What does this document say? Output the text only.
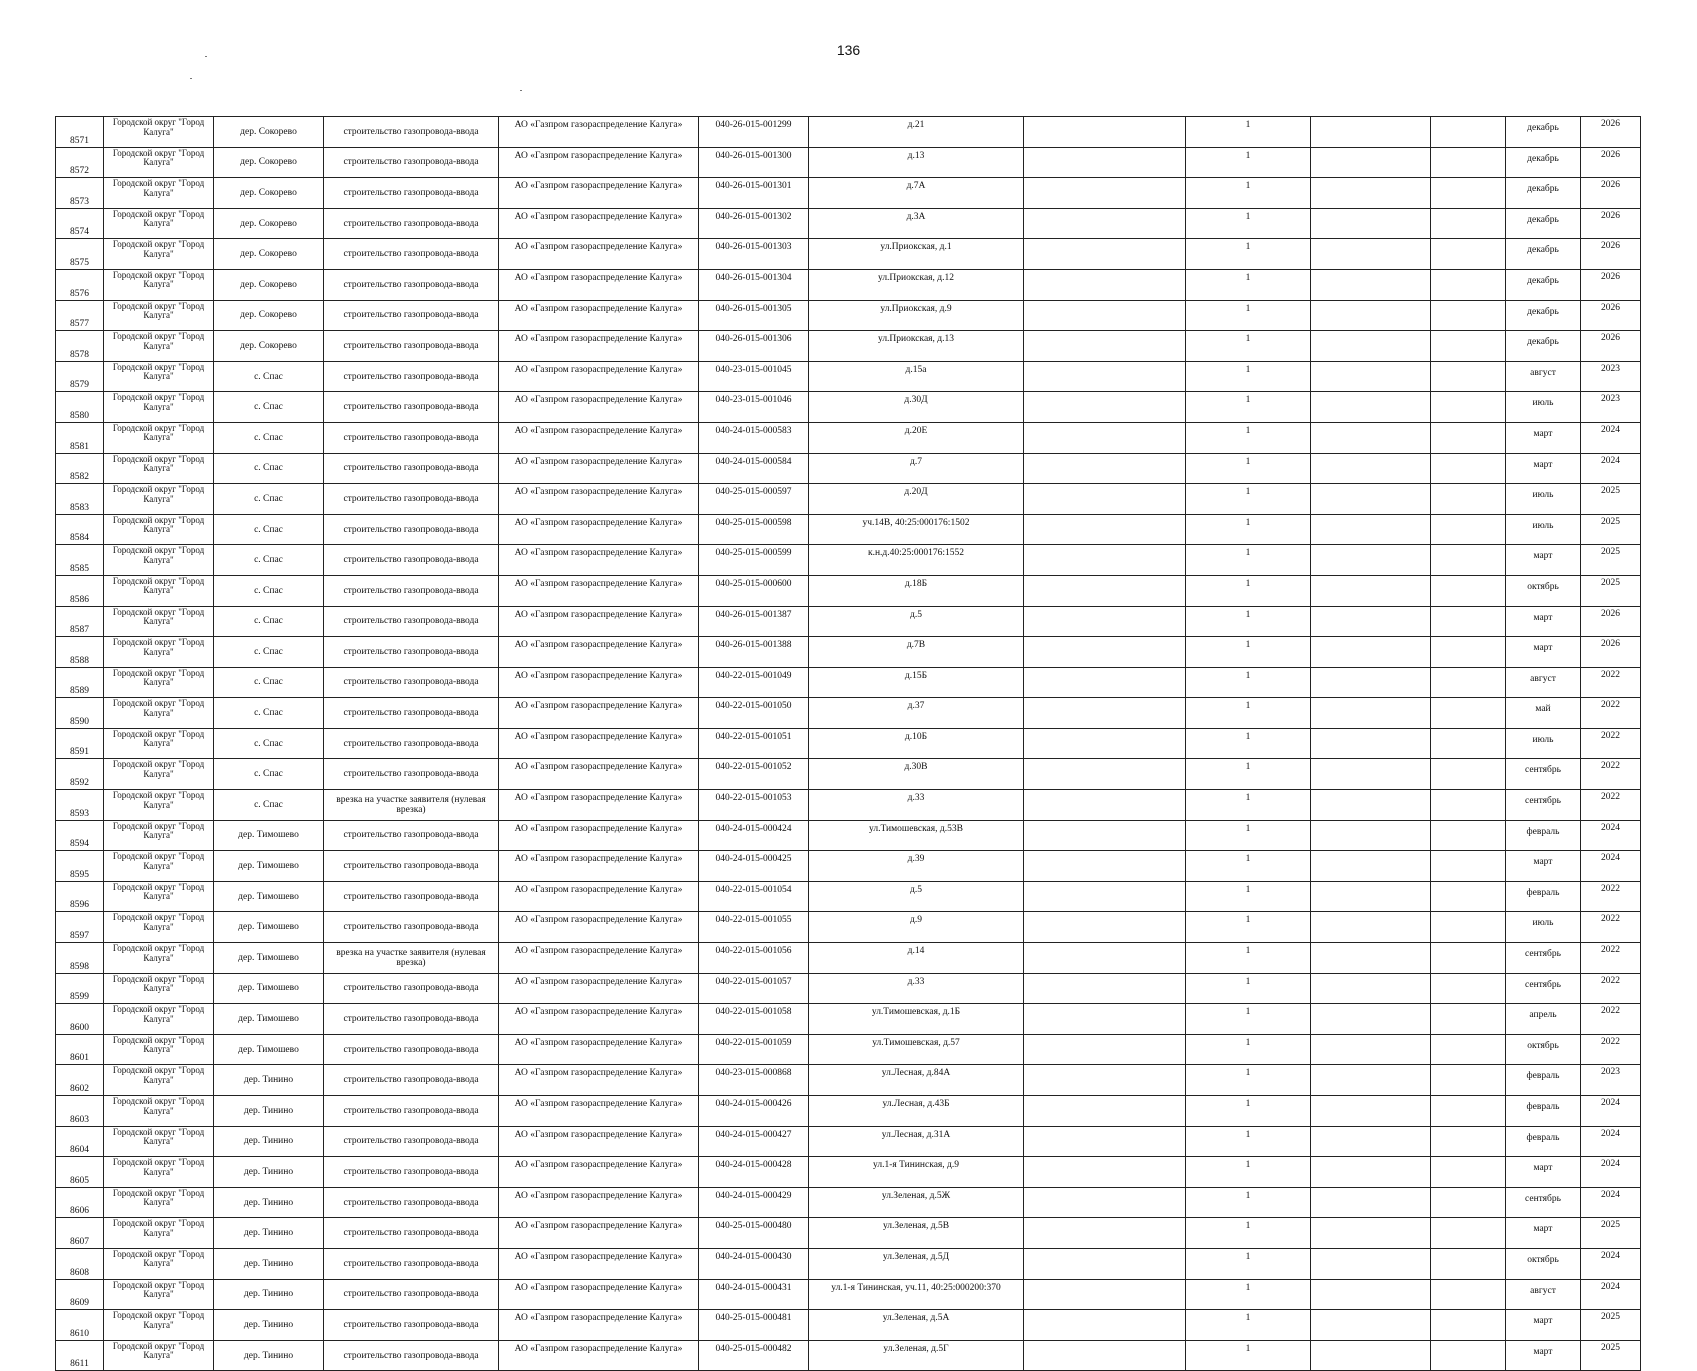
136
8571	Городской округ "Город Калуга"	дер. Сокорево	строительство газопровода-ввода	АО «Газпром газораспределение Калуга»	040-26-015-001299	д.21		1			декабрь	2026
8572	Городской округ "Город Калуга"	дер. Сокорево	строительство газопровода-ввода	АО «Газпром газораспределение Калуга»	040-26-015-001300	д.13		1			декабрь	2026
8573	Городской округ "Город Калуга"	дер. Сокорево	строительство газопровода-ввода	АО «Газпром газораспределение Калуга»	040-26-015-001301	д.7А		1			декабрь	2026
8574	Городской округ "Город Калуга"	дер. Сокорево	строительство газопровода-ввода	АО «Газпром газораспределение Калуга»	040-26-015-001302	д.3А		1			декабрь	2026
8575	Городской округ "Город Калуга"	дер. Сокорево	строительство газопровода-ввода	АО «Газпром газораспределение Калуга»	040-26-015-001303	ул.Приокская, д.1		1			декабрь	2026
8576	Городской округ "Город Калуга"	дер. Сокорево	строительство газопровода-ввода	АО «Газпром газораспределение Калуга»	040-26-015-001304	ул.Приокская, д.12		1			декабрь	2026
8577	Городской округ "Город Калуга"	дер. Сокорево	строительство газопровода-ввода	АО «Газпром газораспределение Калуга»	040-26-015-001305	ул.Приокская, д.9		1			декабрь	2026
8578	Городской округ "Город Калуга"	дер. Сокорево	строительство газопровода-ввода	АО «Газпром газораспределение Калуга»	040-26-015-001306	ул.Приокская, д.13		1			декабрь	2026
8579	Городской округ "Город Калуга"	с. Спас	строительство газопровода-ввода	АО «Газпром газораспределение Калуга»	040-23-015-001045	д.15а		1			август	2023
8580	Городской округ "Город Калуга"	с. Спас	строительство газопровода-ввода	АО «Газпром газораспределение Калуга»	040-23-015-001046	д.30Д		1			июль	2023
8581	Городской округ "Город Калуга"	с. Спас	строительство газопровода-ввода	АО «Газпром газораспределение Калуга»	040-24-015-000583	д.20Е		1			март	2024
8582	Городской округ "Город Калуга"	с. Спас	строительство газопровода-ввода	АО «Газпром газораспределение Калуга»	040-24-015-000584	д.7		1			март	2024
8583	Городской округ "Город Калуга"	с. Спас	строительство газопровода-ввода	АО «Газпром газораспределение Калуга»	040-25-015-000597	д.20Д		1			июль	2025
8584	Городской округ "Город Калуга"	с. Спас	строительство газопровода-ввода	АО «Газпром газораспределение Калуга»	040-25-015-000598	уч.14В, 40:25:000176:1502		1			июль	2025
8585	Городской округ "Город Калуга"	с. Спас	строительство газопровода-ввода	АО «Газпром газораспределение Калуга»	040-25-015-000599	к.н.д.40:25:000176:1552		1			март	2025
8586	Городской округ "Город Калуга"	с. Спас	строительство газопровода-ввода	АО «Газпром газораспределение Калуга»	040-25-015-000600	д.18Б		1			октябрь	2025
8587	Городской округ "Город Калуга"	с. Спас	строительство газопровода-ввода	АО «Газпром газораспределение Калуга»	040-26-015-001387	д.5		1			март	2026
8588	Городской округ "Город Калуга"	с. Спас	строительство газопровода-ввода	АО «Газпром газораспределение Калуга»	040-26-015-001388	д.7В		1			март	2026
8589	Городской округ "Город Калуга"	с. Спас	строительство газопровода-ввода	АО «Газпром газораспределение Калуга»	040-22-015-001049	д.15Б		1			август	2022
8590	Городской округ "Город Калуга"	с. Спас	строительство газопровода-ввода	АО «Газпром газораспределение Калуга»	040-22-015-001050	д.37		1			май	2022
8591	Городской округ "Город Калуга"	с. Спас	строительство газопровода-ввода	АО «Газпром газораспределение Калуга»	040-22-015-001051	д.10Б		1			июль	2022
8592	Городской округ "Город Калуга"	с. Спас	строительство газопровода-ввода	АО «Газпром газораспределение Калуга»	040-22-015-001052	д.30В		1			сентябрь	2022
8593	Городской округ "Город Калуга"	с. Спас	врезка на участке заявителя (нулевая врезка)	АО «Газпром газораспределение Калуга»	040-22-015-001053	д.33		1			сентябрь	2022
8594	Городской округ "Город Калуга"	дер. Тимошево	строительство газопровода-ввода	АО «Газпром газораспределение Калуга»	040-24-015-000424	ул.Тимошевская, д.53В		1			февраль	2024
8595	Городской округ "Город Калуга"	дер. Тимошево	строительство газопровода-ввода	АО «Газпром газораспределение Калуга»	040-24-015-000425	д.39		1			март	2024
8596	Городской округ "Город Калуга"	дер. Тимошево	строительство газопровода-ввода	АО «Газпром газораспределение Калуга»	040-22-015-001054	д.5		1			февраль	2022
8597	Городской округ "Город Калуга"	дер. Тимошево	строительство газопровода-ввода	АО «Газпром газораспределение Калуга»	040-22-015-001055	д.9		1			июль	2022
8598	Городской округ "Город Калуга"	дер. Тимошево	врезка на участке заявителя (нулевая врезка)	АО «Газпром газораспределение Калуга»	040-22-015-001056	д.14		1			сентябрь	2022
8599	Городской округ "Город Калуга"	дер. Тимошево	строительство газопровода-ввода	АО «Газпром газораспределение Калуга»	040-22-015-001057	д.33		1			сентябрь	2022
8600	Городской округ "Город Калуга"	дер. Тимошево	строительство газопровода-ввода	АО «Газпром газораспределение Калуга»	040-22-015-001058	ул.Тимошевская, д.1Б		1			апрель	2022
8601	Городской округ "Город Калуга"	дер. Тимошево	строительство газопровода-ввода	АО «Газпром газораспределение Калуга»	040-22-015-001059	ул.Тимошевская, д.57		1			октябрь	2022
8602	Городской округ "Город Калуга"	дер. Тинино	строительство газопровода-ввода	АО «Газпром газораспределение Калуга»	040-23-015-000868	ул.Лесная, д.84А		1			февраль	2023
8603	Городской округ "Город Калуга"	дер. Тинино	строительство газопровода-ввода	АО «Газпром газораспределение Калуга»	040-24-015-000426	ул.Лесная, д.43Б		1			февраль	2024
8604	Городской округ "Город Калуга"	дер. Тинино	строительство газопровода-ввода	АО «Газпром газораспределение Калуга»	040-24-015-000427	ул.Лесная, д.31А		1			февраль	2024
8605	Городской округ "Город Калуга"	дер. Тинино	строительство газопровода-ввода	АО «Газпром газораспределение Калуга»	040-24-015-000428	ул.1-я Тининская, д.9		1			март	2024
8606	Городской округ "Город Калуга"	дер. Тинино	строительство газопровода-ввода	АО «Газпром газораспределение Калуга»	040-24-015-000429	ул.Зеленая, д.5Ж		1			сентябрь	2024
8607	Городской округ "Город Калуга"	дер. Тинино	строительство газопровода-ввода	АО «Газпром газораспределение Калуга»	040-25-015-000480	ул.Зеленая, д.5В		1			март	2025
8608	Городской округ "Город Калуга"	дер. Тинино	строительство газопровода-ввода	АО «Газпром газораспределение Калуга»	040-24-015-000430	ул.Зеленая, д.5Д		1			октябрь	2024
8609	Городской округ "Город Калуга"	дер. Тинино	строительство газопровода-ввода	АО «Газпром газораспределение Калуга»	040-24-015-000431	ул.1-я Тининская, уч.11, 40:25:000200:370		1			август	2024
8610	Городской округ "Город Калуга"	дер. Тинино	строительство газопровода-ввода	АО «Газпром газораспределение Калуга»	040-25-015-000481	ул.Зеленая, д.5А		1			март	2025
8611	Городской округ "Город Калуга"	дер. Тинино	строительство газопровода-ввода	АО «Газпром газораспределение Калуга»	040-25-015-000482	ул.Зеленая, д.5Г		1			март	2025
